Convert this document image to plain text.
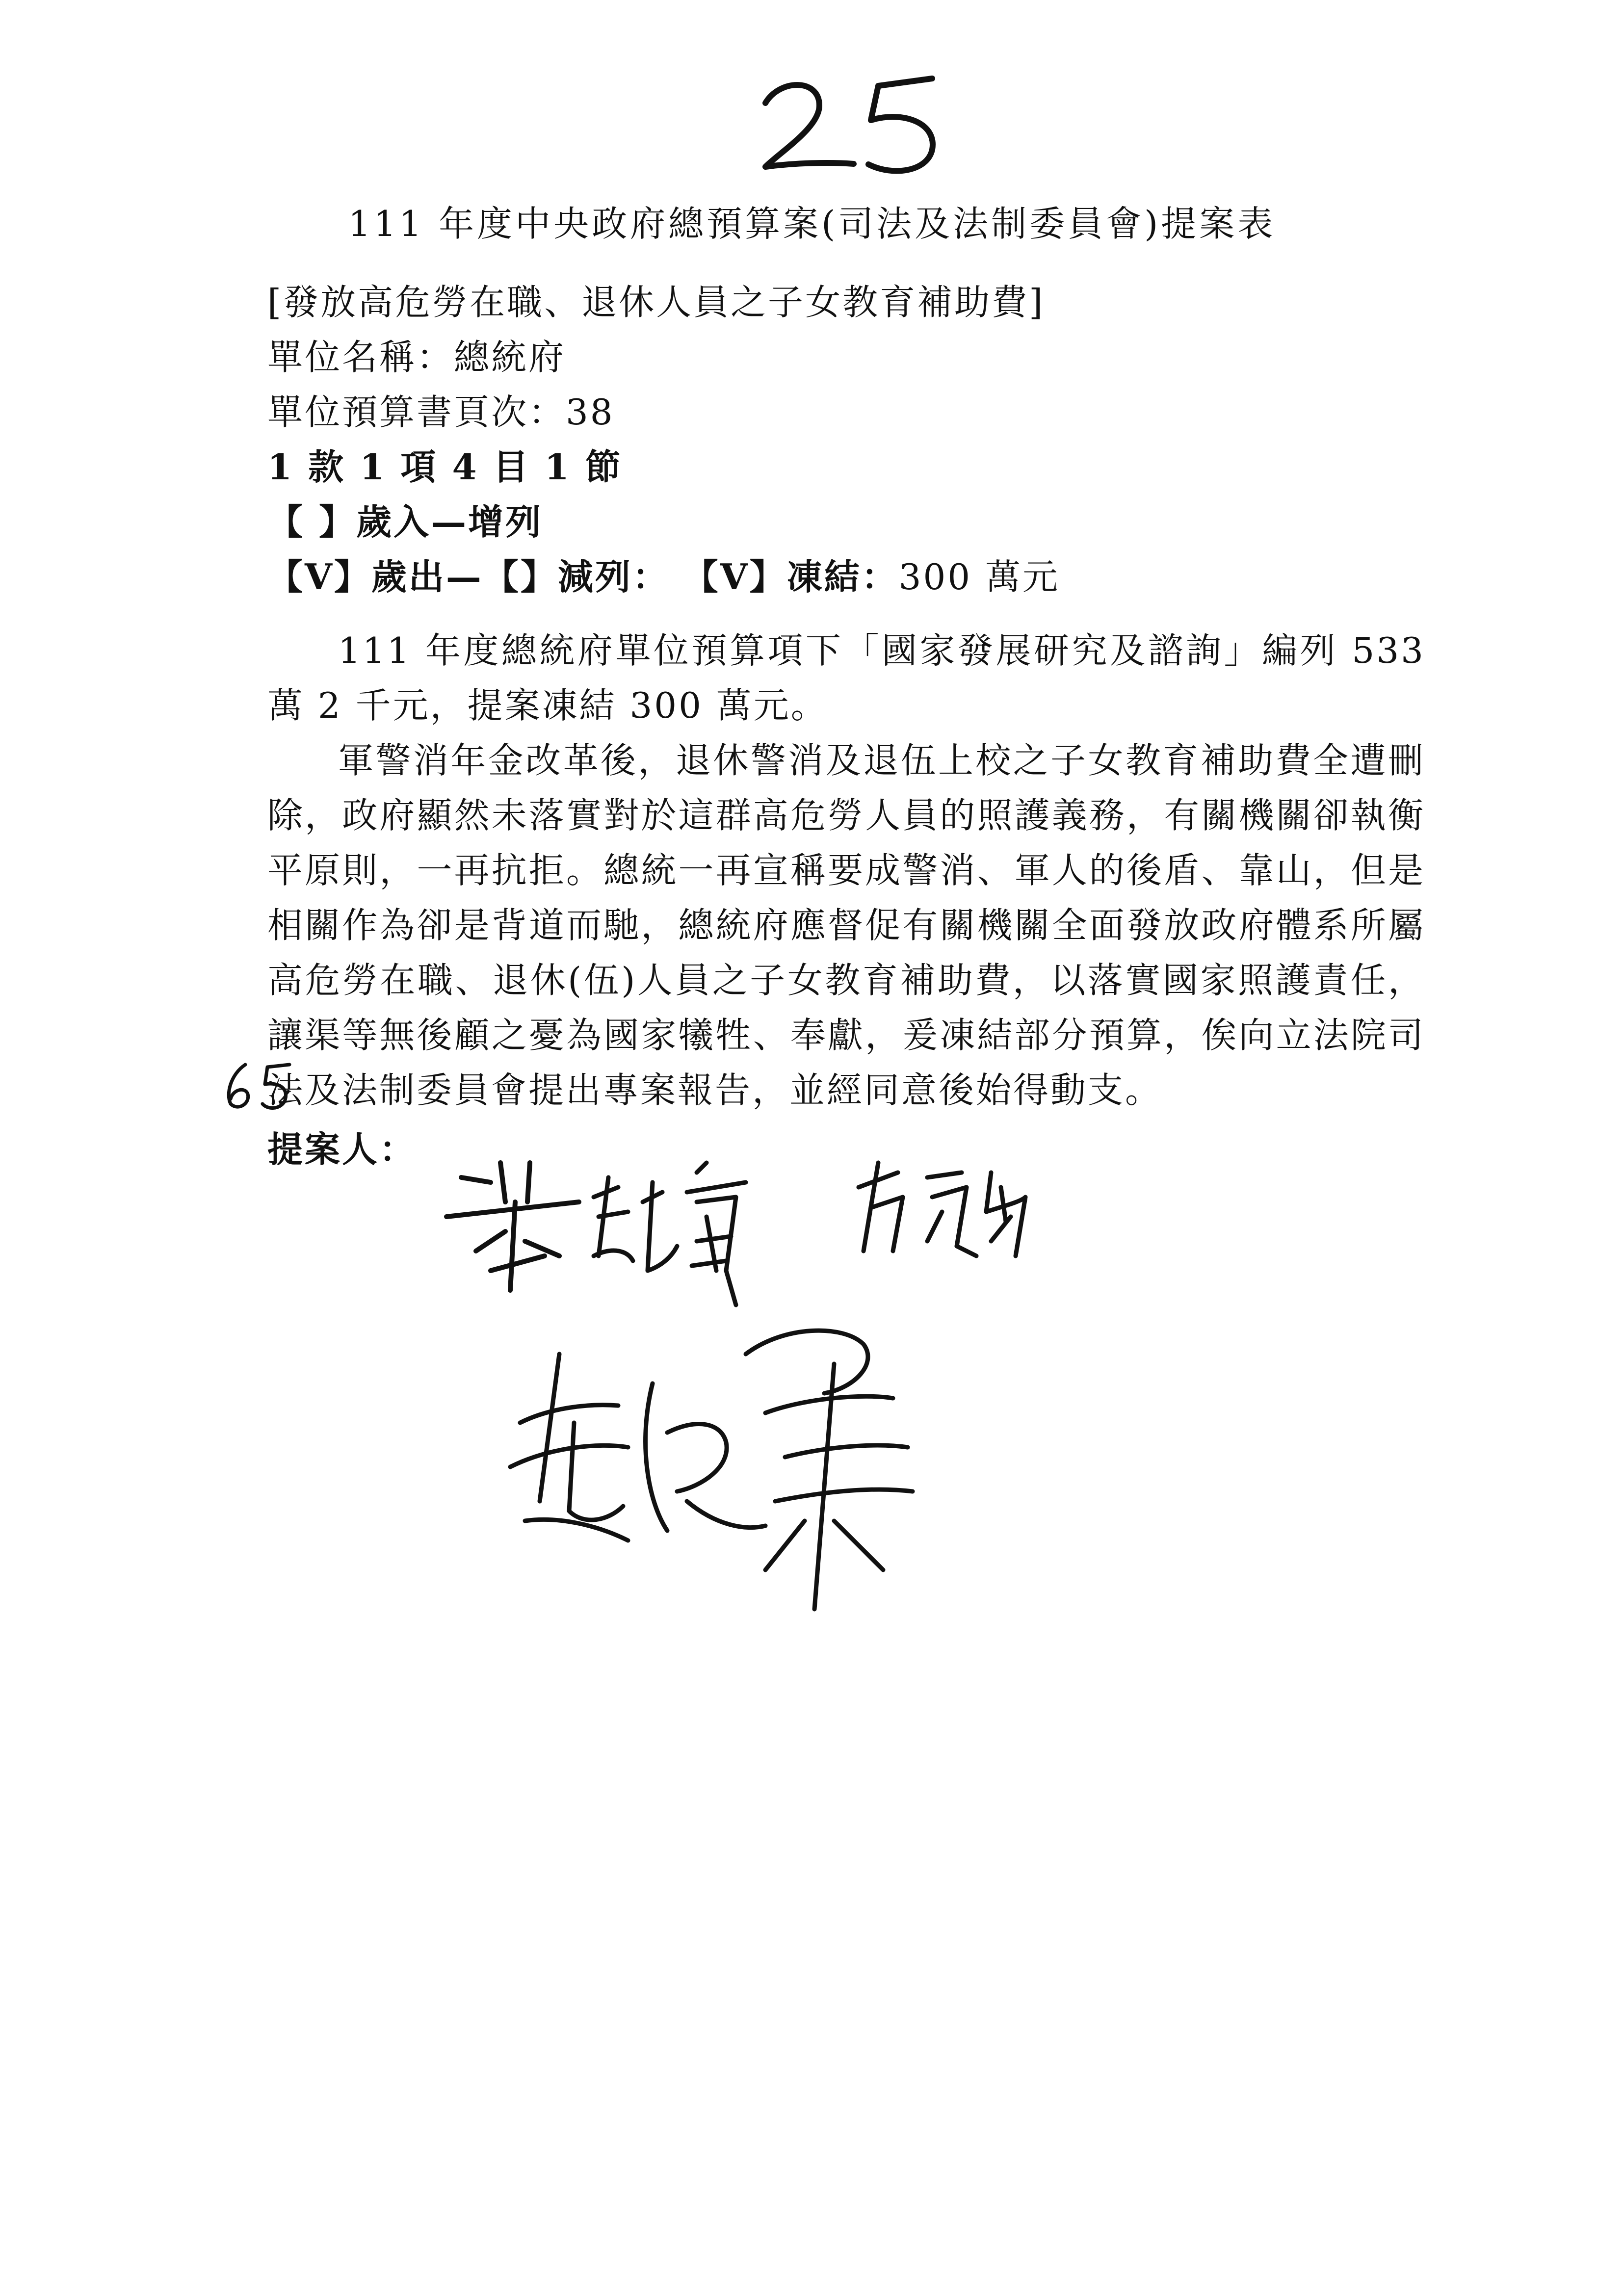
111 年度中央政府總預算案(司法及法制委員會)提案表
[發放高危勞在職、退休人員之子女教育補助費]
單位名稱：總統府
單位預算書頁次：38
1 款 1 項 4 目 1 節
【 】歲入—增列
【V】歲出—【】減列： 【V】凍結：300 萬元

111 年度總統府單位預算項下「國家發展研究及諮詢」編列 533 萬 2 千元，提案凍結 300 萬元。

軍警消年金改革後，退休警消及退伍上校之子女教育補助費全遭刪除，政府顯然未落實對於這群高危勞人員的照護義務，有關機關卻執衡平原則，一再抗拒。總統一再宣稱要成警消、軍人的後盾、靠山，但是相關作為卻是背道而馳，總統府應督促有關機關全面發放政府體系所屬高危勞在職、退休(伍)人員之子女教育補助費，以落實國家照護責任，讓渠等無後顧之憂為國家犧牲、奉獻，爰凍結部分預算，俟向立法院司法及法制委員會提出專案報告，並經同意後始得動支。

提案人：
